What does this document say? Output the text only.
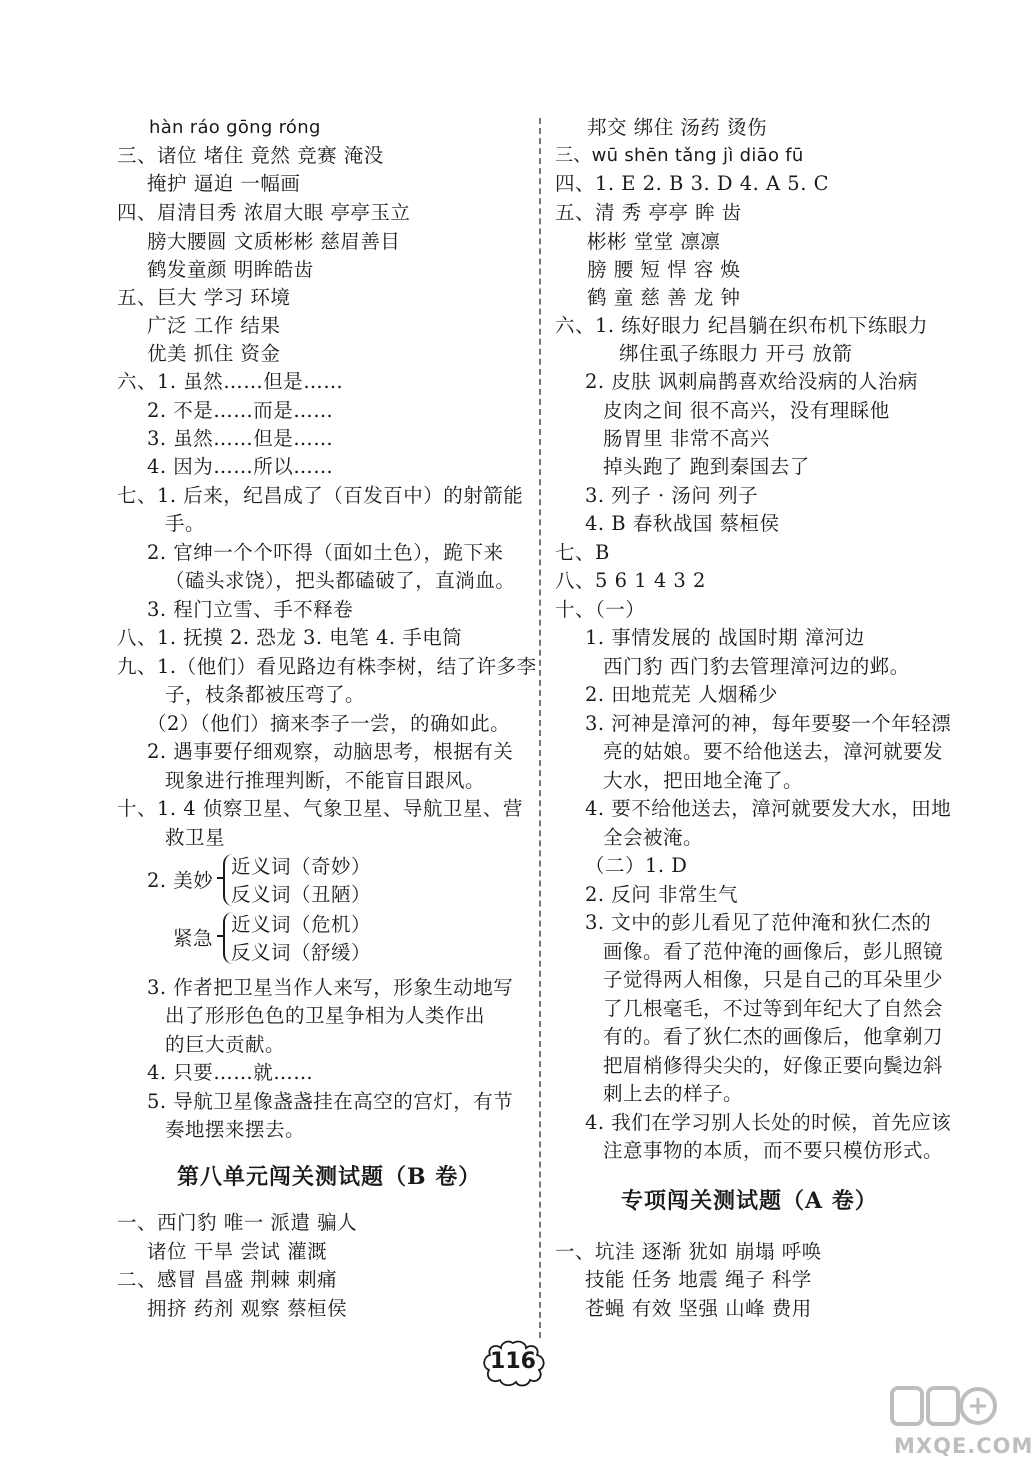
hàn ráo gōng róng
三、诸位 堵住 竟然 竞赛 淹没
掩护 逼迫 一幅画
四、眉清目秀 浓眉大眼 亭亭玉立
膀大腰圆 文质彬彬 慈眉善目
鹤发童颜 明眸皓齿
五、巨大 学习 环境
广泛 工作 结果
优美 抓住 资金
六、1. 虽然……但是……
2. 不是……而是……
3. 虽然……但是……
4. 因为……所以……
七、1. 后来，纪昌成了（百发百中）的射箭能
手。
2. 官绅一个个吓得（面如土色），跪下来
（磕头求饶），把头都磕破了，直淌血。
3. 程门立雪、手不释卷
八、1. 抚摸 2. 恐龙 3. 电笔 4. 手电筒
九、1.（他们）看见路边有株李树，结了许多李
子，枝条都被压弯了。
（2）（他们）摘来李子一尝，的确如此。
2. 遇事要仔细观察，动脑思考，根据有关
现象进行推理判断，不能盲目跟风。
十、1. 4 侦察卫星、气象卫星、导航卫星、营
救卫星
2. 美妙
近义词（奇妙）
反义词（丑陋）
紧急
近义词（危机）
反义词（舒缓）
3. 作者把卫星当作人来写，形象生动地写
出了形形色色的卫星争相为人类作出
的巨大贡献。
4. 只要……就……
5. 导航卫星像盏盏挂在高空的宫灯，有节
奏地摆来摆去。
第八单元闯关测试题（B 卷）
一、西门豹 唯一 派遣 骗人
诸位 干旱 尝试 灌溉
二、感冒 昌盛 荆棘 刺痛
拥挤 药剂 观察 蔡桓侯
邦交 绑住 汤药 烫伤
三、wū shēn tǎng jì diāo fū
四、1. E 2. B 3. D 4. A 5. C
五、清 秀 亭亭 眸 齿
彬彬 堂堂 凛凛
膀 腰 短 悍 容 焕
鹤 童 慈 善 龙 钟
六、1. 练好眼力 纪昌躺在织布机下练眼力
绑住虱子练眼力 开弓 放箭
2. 皮肤 讽刺扁鹊喜欢给没病的人治病
皮肉之间 很不高兴，没有理睬他
肠胃里 非常不高兴
掉头跑了 跑到秦国去了
3. 列子 · 汤问 列子
4. B 春秋战国 蔡桓侯
七、B
八、5 6 1 4 3 2
十、（一）
1. 事情发展的 战国时期 漳河边
西门豹 西门豹去管理漳河边的邺。
2. 田地荒芜 人烟稀少
3. 河神是漳河的神，每年要娶一个年轻漂
亮的姑娘。要不给他送去，漳河就要发
大水，把田地全淹了。
4. 要不给他送去，漳河就要发大水，田地
全会被淹。
（二）1. D
2. 反问 非常生气
3. 文中的彭儿看见了范仲淹和狄仁杰的
画像。看了范仲淹的画像后，彭儿照镜
子觉得两人相像，只是自己的耳朵里少
了几根毫毛，不过等到年纪大了自然会
有的。看了狄仁杰的画像后，他拿剃刀
把眉梢修得尖尖的，好像正要向鬓边斜
刺上去的样子。
4. 我们在学习别人长处的时候，首先应该
注意事物的本质，而不要只模仿形式。
专项闯关测试题（A 卷）
一、坑洼 逐渐 犹如 崩塌 呼唤
技能 任务 地震 绳子 科学
苍蝇 有效 坚强 山峰 费用
116
MXQE.COM
